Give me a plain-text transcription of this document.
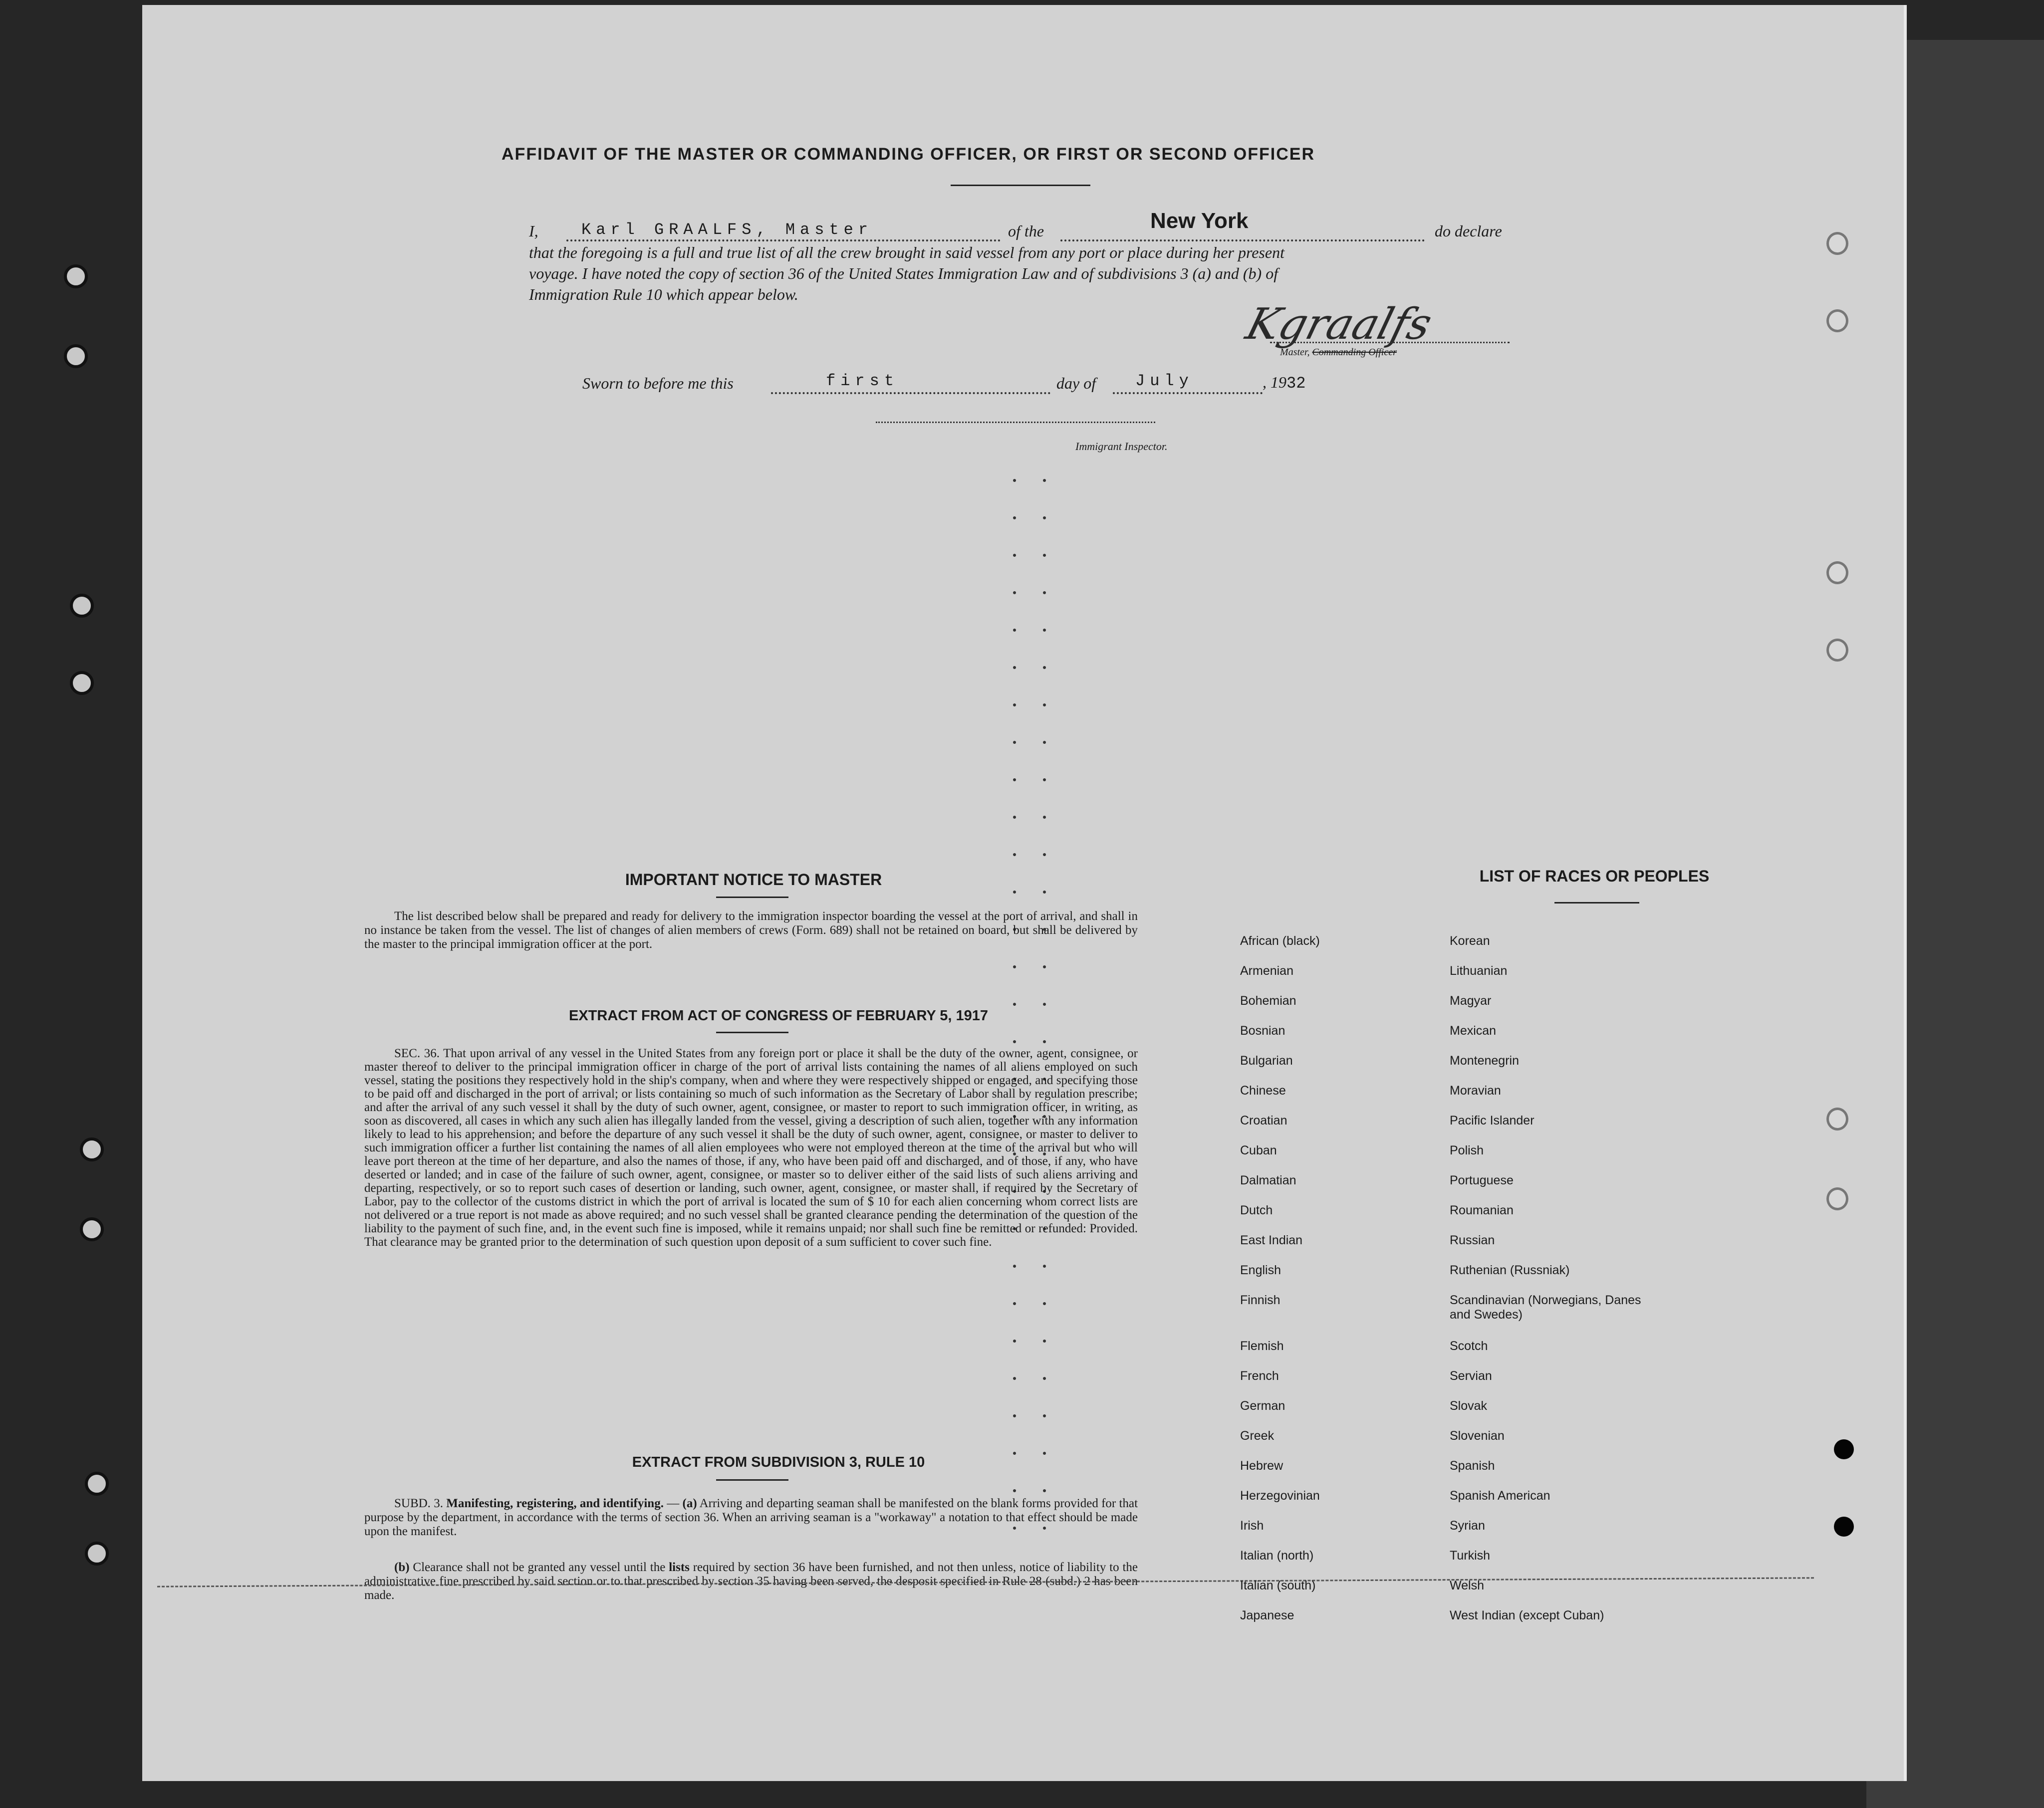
AFFIDAVIT OF THE MASTER OR COMMANDING OFFICER, OR FIRST OR SECOND OFFICER
I,	Karl GRAALFS, Master	of the	New York	do declare
that the foregoing is a full and true list of all the crew brought in said vessel from any port or place during her present
voyage. I have noted the copy of section 36 of the United States Immigration Law and of subdivisions 3 (a) and (b) of
Immigration Rule 10 which appear below.
Kgraalfs
Master, Commanding Officer
Sworn to before me this	first	day of July	, 1932
Immigrant Inspector.
IMPORTANT NOTICE TO MASTER
The list described below shall be prepared and ready for delivery to the immigration inspector boarding the vessel at the port of arrival, and shall in no instance be taken from the vessel. The list of changes of alien members of crews (Form. 689) shall not be retained on board, but shall be delivered by the master to the principal immigration officer at the port.
EXTRACT FROM ACT OF CONGRESS OF FEBRUARY 5, 1917
SEC. 36. That upon arrival of any vessel in the United States from any foreign port or place it shall be the duty of the owner, agent, consignee, or master thereof to deliver to the principal immigration officer in charge of the port of arrival lists containing the names of all aliens employed on such vessel, stating the positions they respectively hold in the ship's company, when and where they were respectively shipped or engaged, and specifying those to be paid off and discharged in the port of arrival; or lists containing so much of such information as the Secretary of Labor shall by regulation prescribe; and after the arrival of any such vessel it shall by the duty of such owner, agent, consignee, or master to report to such immigration officer, in writing, as soon as discovered, all cases in which any such alien has illegally landed from the vessel, giving a description of such alien, together with any information likely to lead to his apprehension; and before the departure of any such vessel it shall be the duty of such owner, agent, consignee, or master to deliver to such immigration officer a further list containing the names of all alien employees who were not employed thereon at the time of the arrival but who will leave port thereon at the time of her departure, and also the names of those, if any, who have been paid off and discharged, and of those, if any, who have deserted or landed; and in case of the failure of such owner, agent, consignee, or master so to deliver either of the said lists of such aliens arriving and departing, respectively, or so to report such cases of desertion or landing, such owner, agent, consignee, or master shall, if required by the Secretary of Labor, pay to the collector of the customs district in which the port of arrival is located the sum of $ 10 for each alien concerning whom correct lists are not delivered or a true report is not made as above required; and no such vessel shall be granted clearance pending the determination of the question of the liability to the payment of such fine, and, in the event such fine is imposed, while it remains unpaid; nor shall such fine be remitted or refunded: Provided. That clearance may be granted prior to the determination of such question upon deposit of a sum sufficient to cover such fine.
EXTRACT FROM SUBDIVISION 3, RULE 10
SUBD. 3. Manifesting, registering, and identifying. — (a) Arriving and departing seaman shall be manifested on the blank forms provided for that purpose by the department, in accordance with the terms of section 36. When an arriving seaman is a "workaway" a notation to that effect should be made upon the manifest.
(b) Clearance shall not be granted any vessel until the lists required by section 36 have been furnished, and not then unless, notice of liability to the administrative fine prescribed by said section or to that prescribed by section 35 having been served, the desposit specified in Rule 28 (subd.) 2 has been made.
LIST OF RACES OR PEOPLES
African (black)	Korean
Armenian	Lithuanian
Bohemian	Magyar
Bosnian	Mexican
Bulgarian	Montenegrin
Chinese	Moravian
Croatian	Pacific Islander
Cuban	Polish
Dalmatian	Portuguese
Dutch	Roumanian
East Indian	Russian
English	Ruthenian (Russniak)
Finnish	Scandinavian (Norwegians, Danes and Swedes)
Flemish	Scotch
French	Servian
German	Slovak
Greek	Slovenian
Hebrew	Spanish
Herzegovinian	Spanish American
Irish	Syrian
Italian (north)	Turkish
Italian (south)	Welsh
Japanese	West Indian (except Cuban)
